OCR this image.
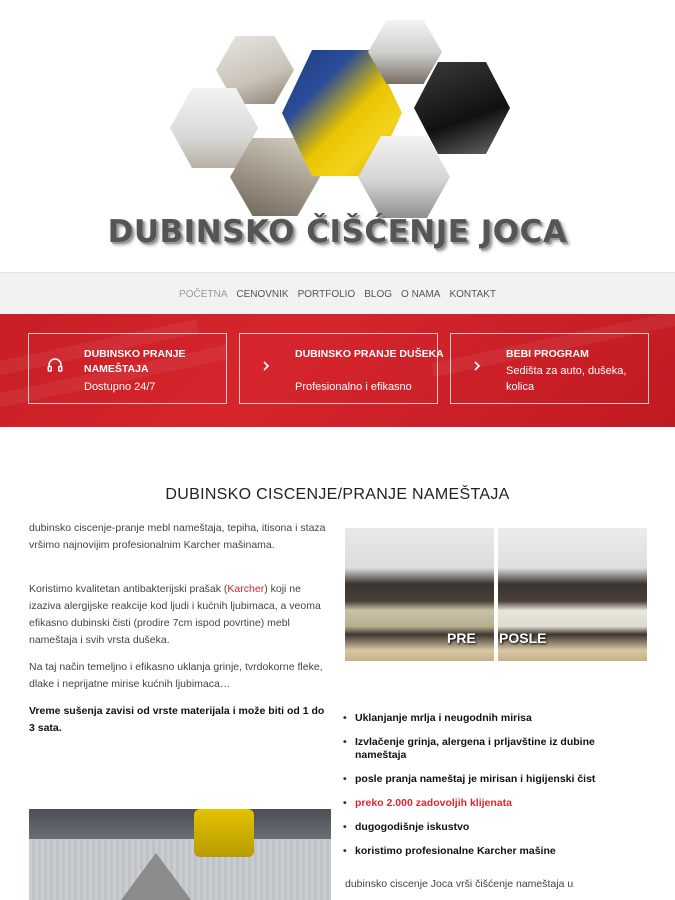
DUBINSKO ČIŠĆENJE JOCA
POČETNA CENOVNIK PORTFOLIO BLOG O NAMA KONTAKT
DUBINSKO PRANJE NAMEŠTAJA
Dostupno 24/7
DUBINSKO PRANJE DUŠEKA
Profesionalno i efikasno
BEBI PROGRAM
Sedišta za auto, dušeka,
kolica
DUBINSKO CISCENJE/PRANJE NAMEŠTAJA

dubinsko ciscenje-pranje mebl nameštaja, tepiha, itisona i staza vršimo najnovijim profesionalnim Karcher mašinama.

Koristimo kvalitetan antibakterijski prašak (Karcher) koji ne izaziva alergijske reakcije kod ljudi i kućnih ljubimaca, a veoma efikasno dubinski čisti (prodire 7cm ispod povrtine) mebl nameštaja i svih vrsta dušeka.

Na taj način temeljno i efikasno uklanja grinje, tvrdokorne fleke, dlake i neprijatne mirise kućnih ljubimaca…

Vreme sušenja zavisi od vrste materijala i može biti od 1 do 3 sata.

PRE POSLE
• Uklanjanje mrlja i neugodnih mirisa
• Izvlačenje grinja, alergena i prljavštine iz dubine nameštaja
• posle pranja nameštaj je mirisan i higijenski čist
• preko 2.000 zadovoljih klijenata
• dugogodišnje iskustvo
• koristimo profesionalne Karcher mašine
dubinsko ciscenje Joca vrši čišćenje nameštaja u
